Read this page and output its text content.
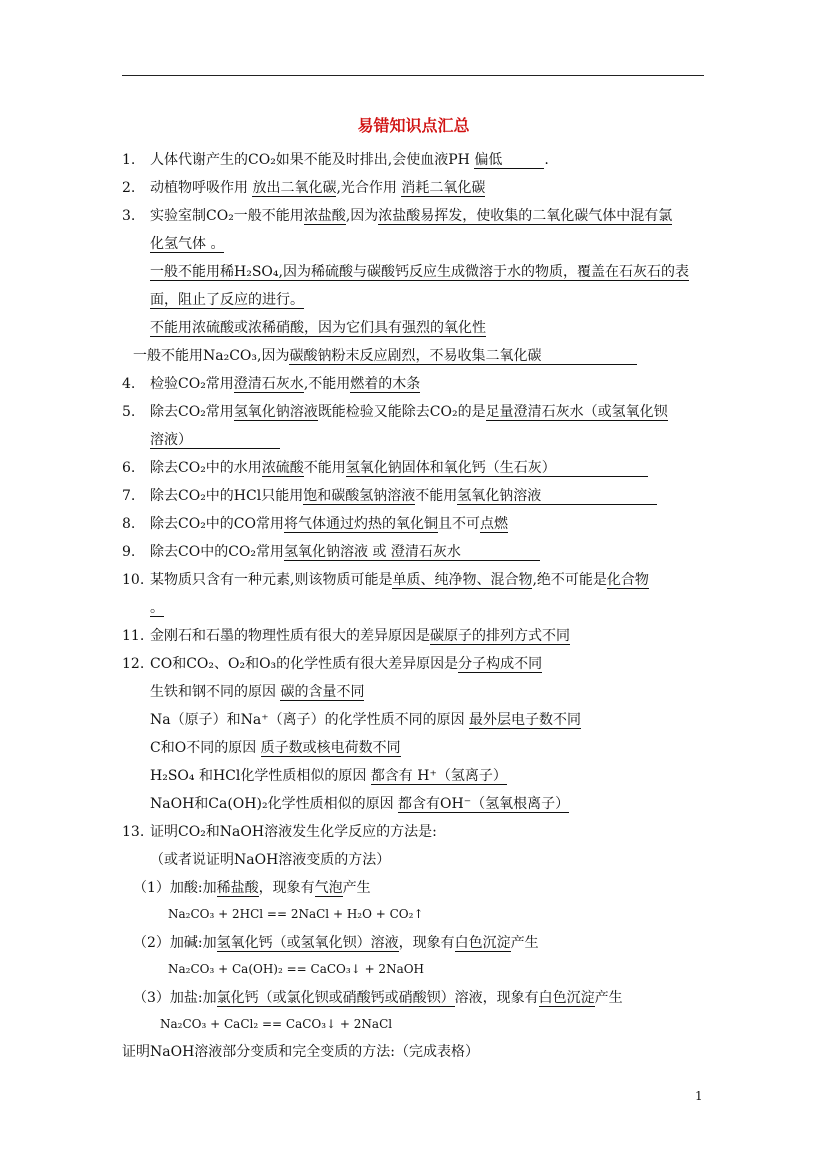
易错知识点汇总
1. 人体代谢产生的CO₂如果不能及时排出,会使血液PH 偏低	.
2. 动植物呼吸作用 放出二氧化碳,光合作用 消耗二氧化碳
3. 实验室制CO₂一般不能用浓盐酸,因为浓盐酸易挥发，使收集的二氧化碳气体中混有氯
化氢气体 。
一般不能用稀H₂SO₄,因为稀硫酸与碳酸钙反应生成微溶于水的物质，覆盖在石灰石的表
面，阻止了反应的进行。
不能用浓硫酸或浓稀硝酸，因为它们具有强烈的氧化性
一般不能用Na₂CO₃,因为碳酸钠粉末反应剧烈，不易收集二氧化碳
4. 检验CO₂常用澄清石灰水,不能用燃着的木条
5. 除去CO₂常用氢氧化钠溶液既能检验又能除去CO₂的是足量澄清石灰水（或氢氧化钡
溶液）
6. 除去CO₂中的水用浓硫酸不能用氢氧化钠固体和氧化钙（生石灰）
7. 除去CO₂中的HCl只能用饱和碳酸氢钠溶液不能用氢氧化钠溶液
8. 除去CO₂中的CO常用将气体通过灼热的氧化铜且不可点燃
9. 除去CO中的CO₂常用氢氧化钠溶液 或 澄清石灰水
10. 某物质只含有一种元素,则该物质可能是单质、纯净物、混合物,绝不可能是化合物
。
11. 金刚石和石墨的物理性质有很大的差异原因是碳原子的排列方式不同
12. CO和CO₂、O₂和O₃的化学性质有很大差异原因是分子构成不同
生铁和钢不同的原因 碳的含量不同
Na（原子）和Na⁺（离子）的化学性质不同的原因 最外层电子数不同
C和O不同的原因 质子数或核电荷数不同
H₂SO₄ 和HCl化学性质相似的原因 都含有 H⁺（氢离子）
NaOH和Ca(OH)₂化学性质相似的原因 都含有OH⁻（氢氧根离子）
13. 证明CO₂和NaOH溶液发生化学反应的方法是:
（或者说证明NaOH溶液变质的方法）
（1）加酸:加稀盐酸，现象有气泡产生
Na₂CO₃ + 2HCl == 2NaCl + H₂O + CO₂↑
（2）加碱:加氢氧化钙（或氢氧化钡）溶液，现象有白色沉淀产生
Na₂CO₃ + Ca(OH)₂ == CaCO₃↓ + 2NaOH
（3）加盐:加氯化钙（或氯化钡或硝酸钙或硝酸钡）溶液，现象有白色沉淀产生
Na₂CO₃ + CaCl₂ == CaCO₃↓ + 2NaCl
证明NaOH溶液部分变质和完全变质的方法:（完成表格）
1
